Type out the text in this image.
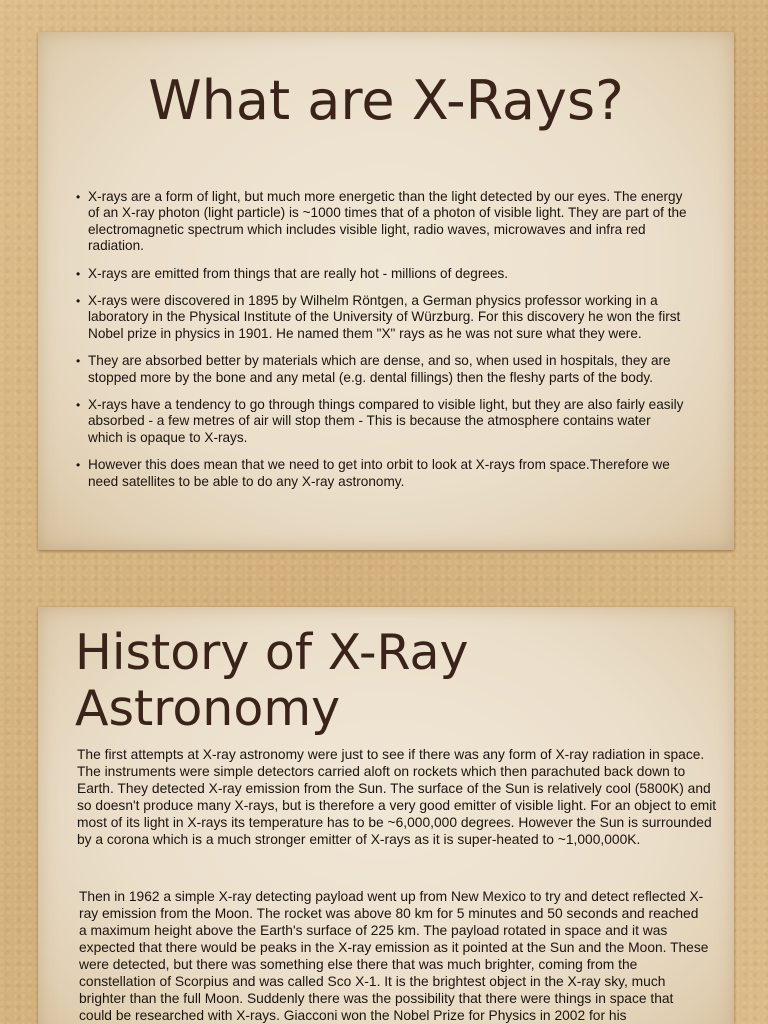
What are X-Rays?
• X-rays are a form of light, but much more energetic than the light detected by our eyes. The energy of an X-ray photon (light particle) is ~1000 times that of a photon of visible light. They are part of the electromagnetic spectrum which includes visible light, radio waves, microwaves and infra red radiation.
• X-rays are emitted from things that are really hot - millions of degrees.
• X-rays were discovered in 1895 by Wilhelm Röntgen, a German physics professor working in a laboratory in the Physical Institute of the University of Würzburg. For this discovery he won the first Nobel prize in physics in 1901. He named them "X" rays as he was not sure what they were.
• They are absorbed better by materials which are dense, and so, when used in hospitals, they are stopped more by the bone and any metal (e.g. dental fillings) then the fleshy parts of the body.
• X-rays have a tendency to go through things compared to visible light, but they are also fairly easily absorbed - a few metres of air will stop them - This is because the atmosphere contains water which is opaque to X-rays.
• However this does mean that we need to get into orbit to look at X-rays from space.Therefore we need satellites to be able to do any X-ray astronomy.
History of X-Ray Astronomy

The first attempts at X-ray astronomy were just to see if there was any form of X-ray radiation in space. The instruments were simple detectors carried aloft on rockets which then parachuted back down to Earth. They detected X-ray emission from the Sun. The surface of the Sun is relatively cool (5800K) and so doesn't produce many X-rays, but is therefore a very good emitter of visible light. For an object to emit most of its light in X-rays its temperature has to be ~6,000,000 degrees. However the Sun is surrounded by a corona which is a much stronger emitter of X-rays as it is super-heated to ~1,000,000K.

Then in 1962 a simple X-ray detecting payload went up from New Mexico to try and detect reflected X-ray emission from the Moon. The rocket was above 80 km for 5 minutes and 50 seconds and reached a maximum height above the Earth's surface of 225 km. The payload rotated in space and it was expected that there would be peaks in the X-ray emission as it pointed at the Sun and the Moon. These were detected, but there was something else there that was much brighter, coming from the constellation of Scorpius and was called Sco X-1. It is the brightest object in the X-ray sky, much brighter than the full Moon. Suddenly there was the possibility that there were things in space that could be researched with X-rays. Giacconi won the Nobel Prize for Physics in 2002 for his
